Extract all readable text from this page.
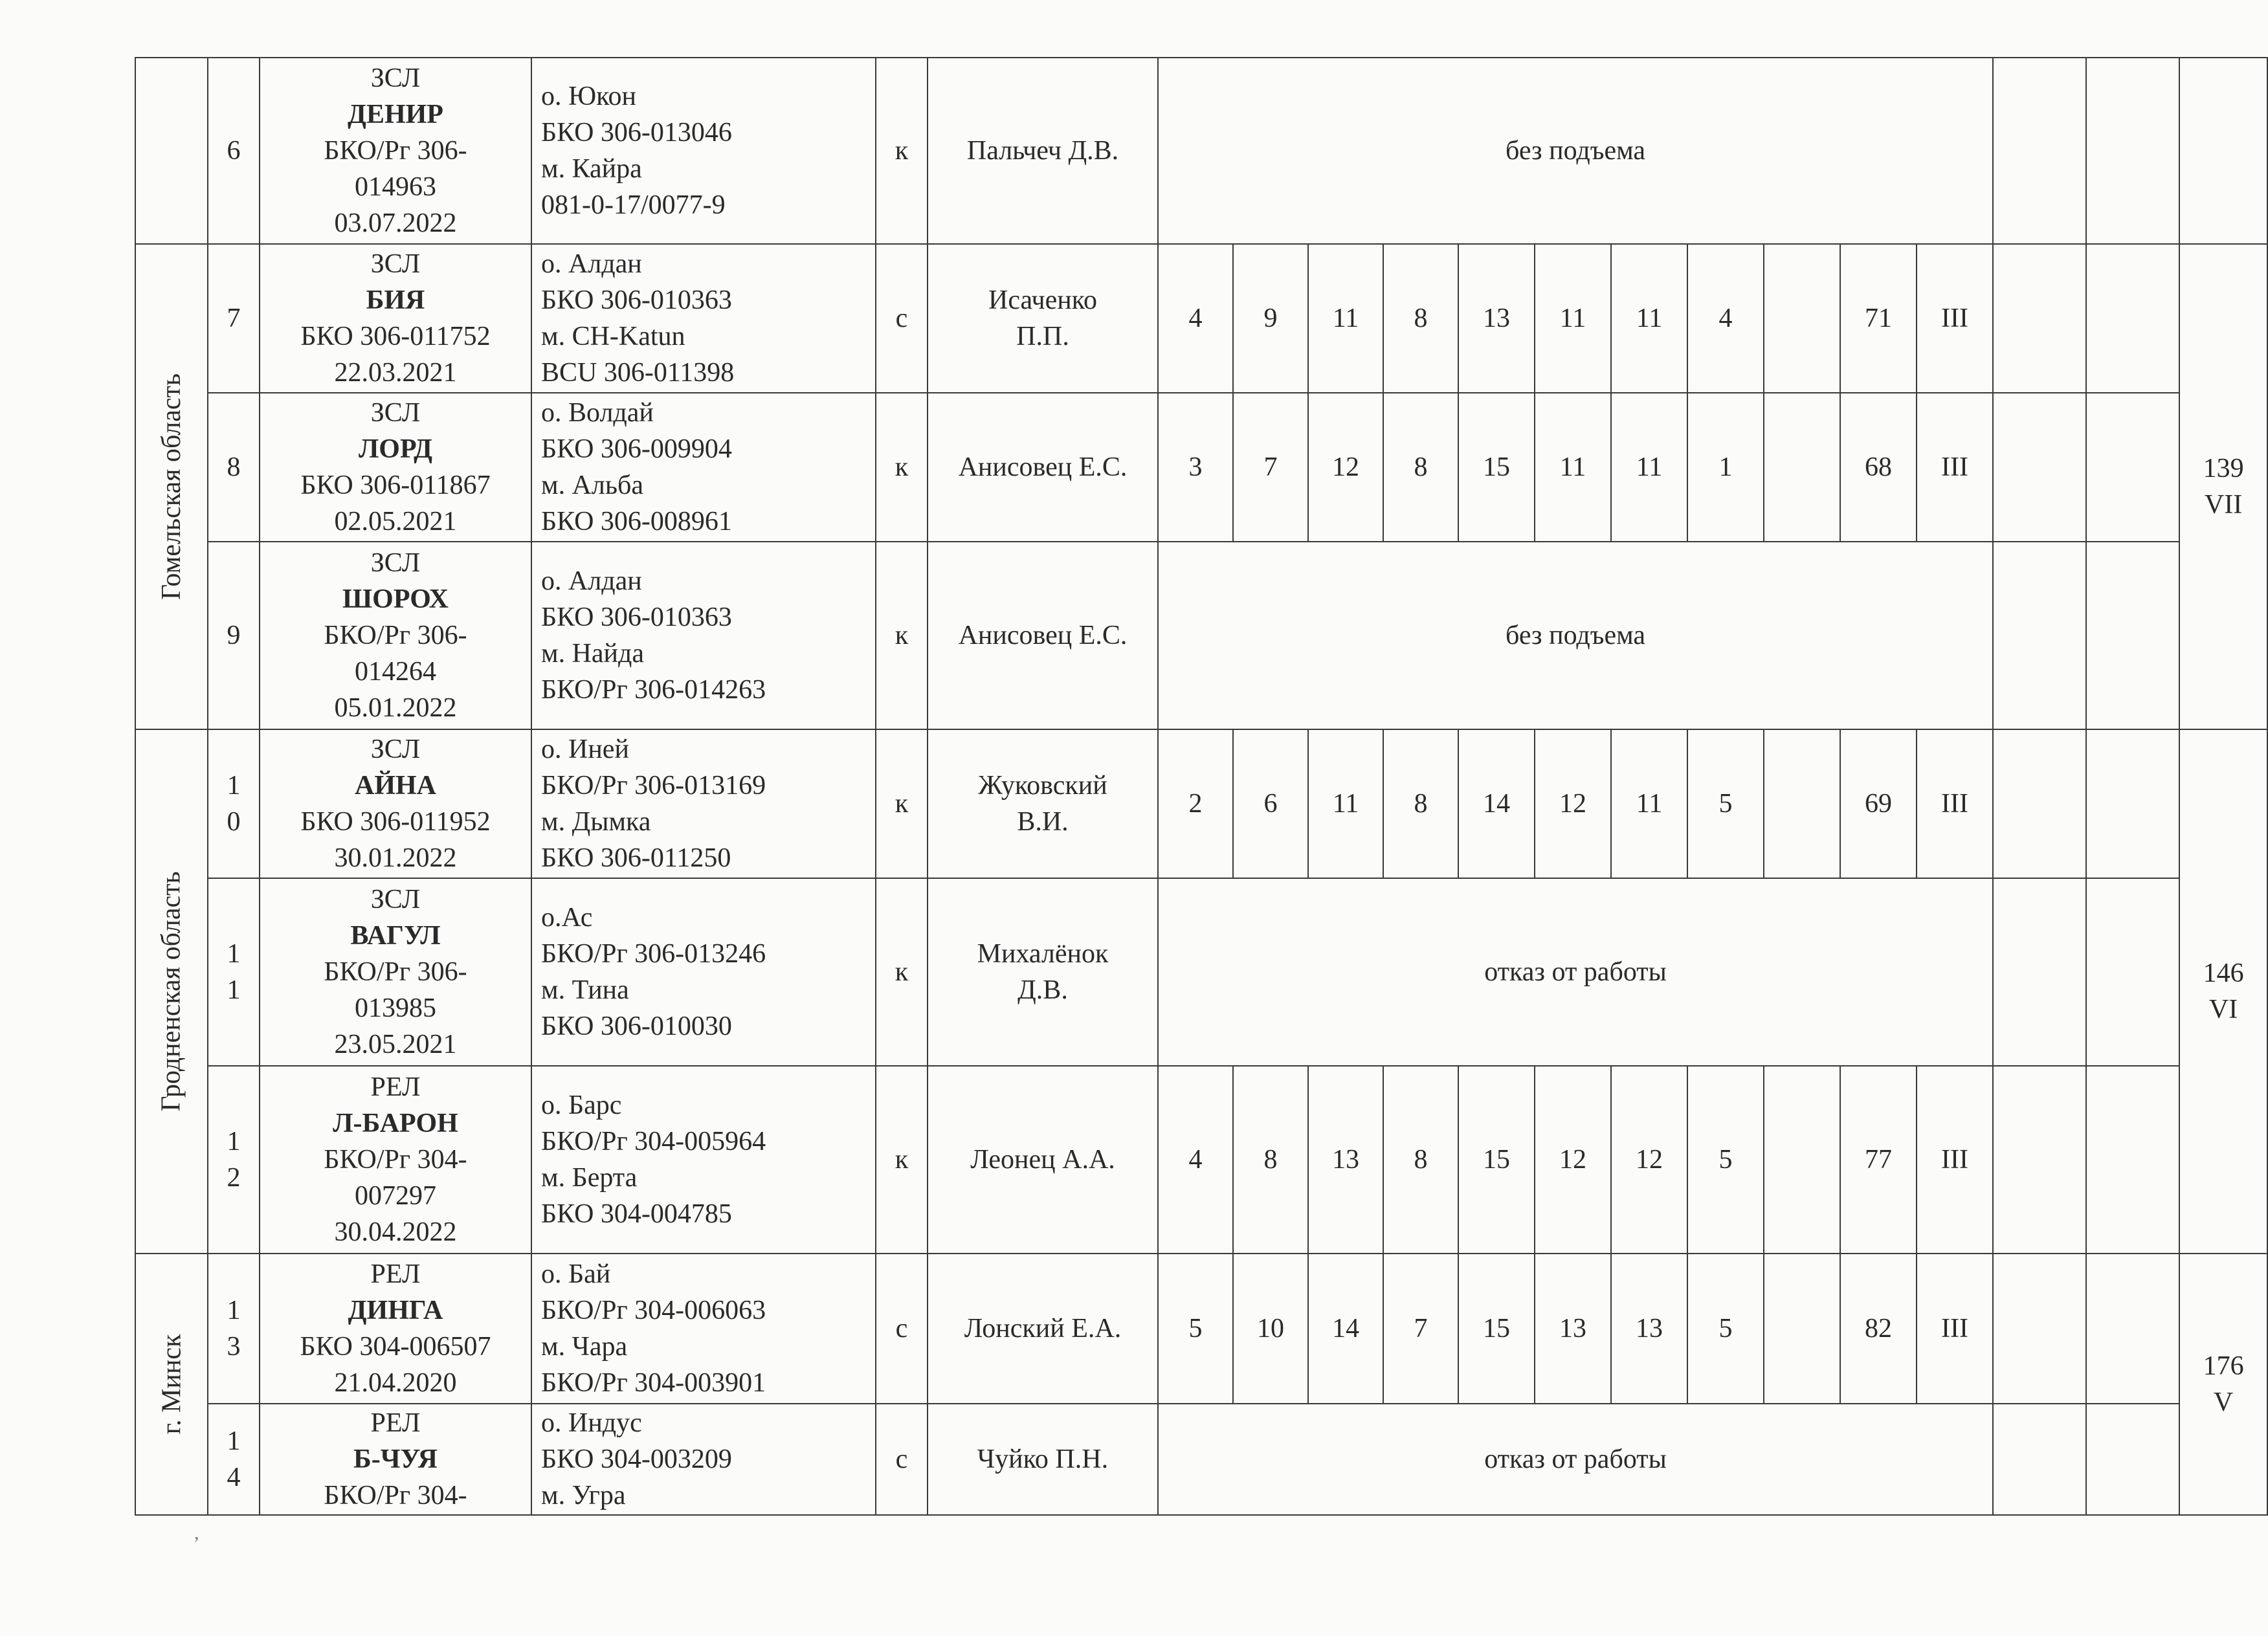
	6	ЗСЛ
ДЕНИР
БКО/Рг 306-
014963
03.07.2022	о. Юкон
БКО 306-013046
м. Кайра
081-0-17/0077-9	к	Пальчеч Д.В.	без подъема													

Гомельская область	7	ЗСЛ
БИЯ
БКО 306-011752
22.03.2021	о. Алдан
БКО 306-010363
м. CH-Katun
BCU 306-011398	с	Исаченко
П.П.	4	9	11	8	13	11	11	4		71	III			139
VII
	8	ЗСЛ
ЛОРД
БКО 306-011867
02.05.2021	о. Волдай
БКО 306-009904
м. Альба
БКО 306-008961	к	Анисовец Е.С.	3	7	12	8	15	11	11	1		68	III			
	9	ЗСЛ
ШОРОХ
БКО/Рг 306-
014264
05.01.2022	о. Алдан
БКО 306-010363
м. Найда
БКО/Рг 306-014263	к	Анисовец Е.С.	без подъема													

Гродненская область	1
0	ЗСЛ
АЙНА
БКО 306-011952
30.01.2022	о. Иней
БКО/Рг 306-013169
м. Дымка
БКО 306-011250	к	Жуковский
В.И.	2	6	11	8	14	12	11	5		69	III			146
VI
	1
1	ЗСЛ
ВАГУЛ
БКО/Рг 306-
013985
23.05.2021	о.Ас
БКО/Рг 306-013246
м. Тина
БКО 306-010030	к	Михалёнок
Д.В.	отказ от работы													
	1
2	РЕЛ
Л-БАРОН
БКО/Рг 304-
007297
30.04.2022	о. Барс
БКО/Рг 304-005964
м. Берта
БКО 304-004785	к	Леонец А.А.	4	8	13	8	15	12	12	5		77	III			

г. Минск	1
3	РЕЛ
ДИНГА
БКО 304-006507
21.04.2020	о. Бай
БКО/Рг 304-006063
м. Чара
БКО/Рг 304-003901	с	Лонский Е.А.	5	10	14	7	15	13	13	5		82	III			176
V
	1
4	РЕЛ
Б-ЧУЯ
БКО/Рг 304-	о. Индус
БКО 304-003209
м. Угра	с	Чуйко П.Н.	отказ от работы													
,
